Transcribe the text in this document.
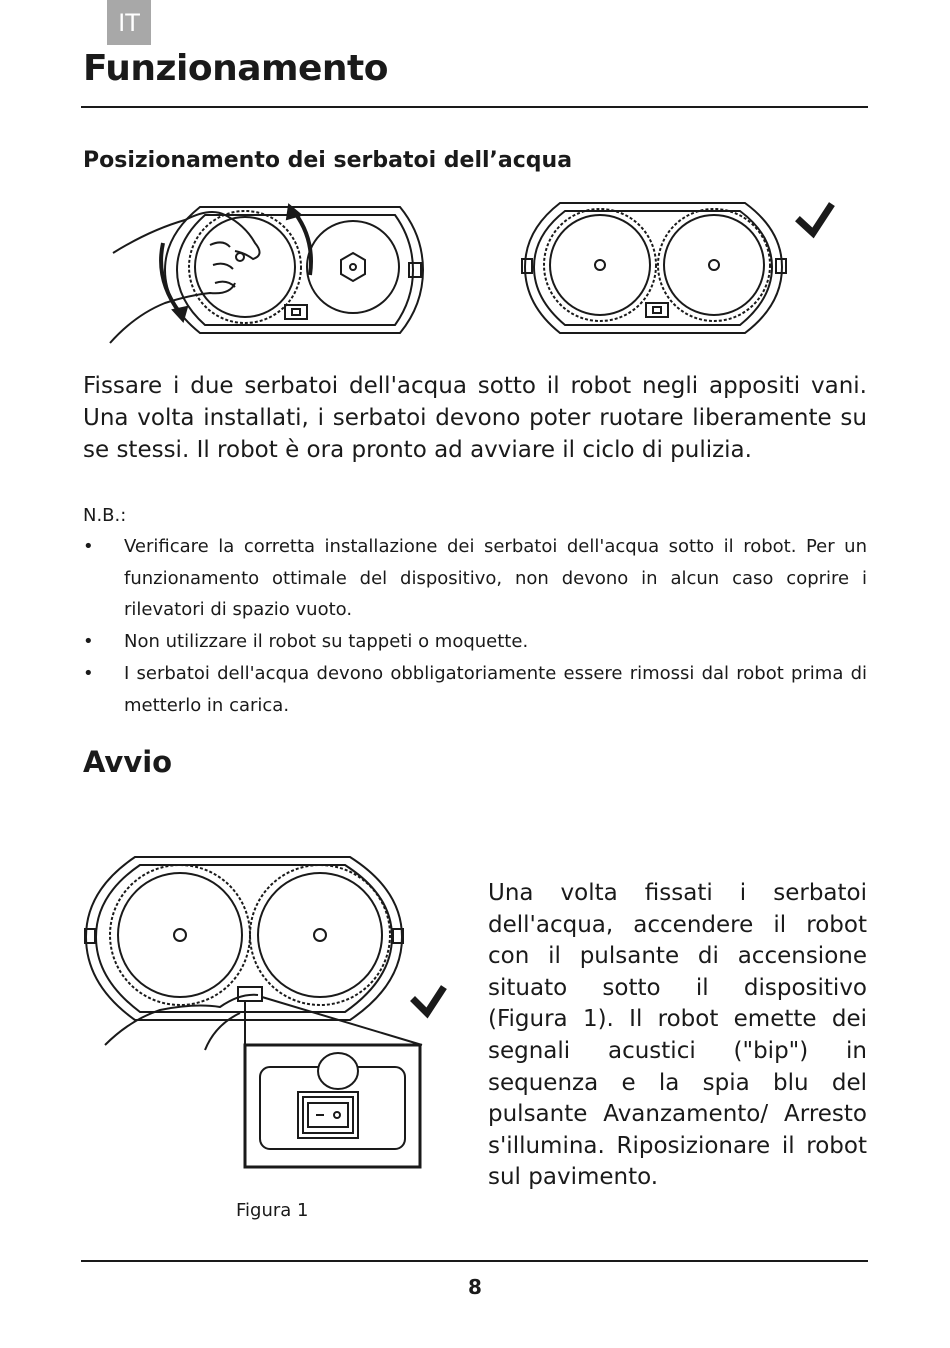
IT
Funzionamento
Posizionamento dei serbatoi dell’acqua

Fissare i due serbatoi dell'acqua sotto il robot negli appositi vani. Una volta installati, i serbatoi devono poter ruotare liberamente su se stessi. Il robot è ora pronto ad avviare il ciclo di pulizia.

N.B.:

• Verificare la corretta installazione dei serbatoi dell'acqua sotto il robot. Per un funzionamento ottimale del dispositivo, non devono in alcun caso coprire i rilevatori di spazio vuoto.
• Non utilizzare il robot su tappeti o moquette.
• I serbatoi dell'acqua devono obbligatoriamente essere rimossi dal robot prima di metterlo in carica.
Avvio

Una volta fissati i serbatoi dell'acqua, accendere il robot con il pulsante di accensione situato sotto il dispositivo (Figura 1). Il robot emette dei segnali acustici ("bip") in sequenza e la spia blu del pulsante Avanzamento/ Arresto s'illumina. Riposizionare il robot sul pavimento.

Figura 1
8
